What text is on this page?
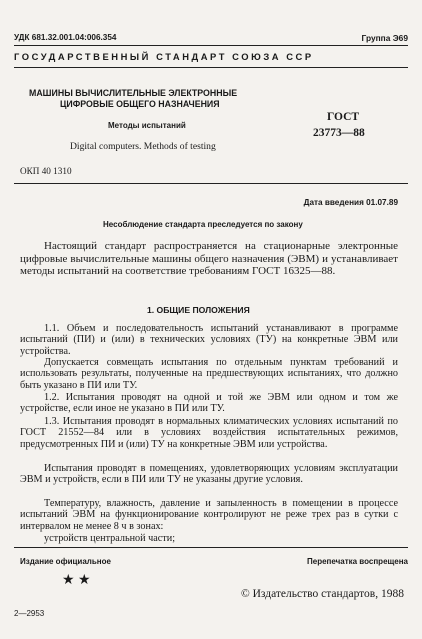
УДК 681.32.001.04:006.354	Группа Э69
ГОСУДАРСТВЕННЫЙ СТАНДАРТ СОЮЗА ССР
МАШИНЫ ВЫЧИСЛИТЕЛЬНЫЕ ЭЛЕКТРОННЫЕ
ЦИФРОВЫЕ ОБЩЕГО НАЗНАЧЕНИЯ
Методы испытаний
Digital computers. Methods of testing
ГОСТ
23773—88
ОКП 40 1310
Дата введения 01.07.89
Несоблюдение стандарта преследуется по закону

Настоящий стандарт распространяется на стационарные электронные цифровые вычислительные машины общего назначения (ЭВМ) и устанавливает методы испытаний на соответствие требованиям ГОСТ 16325—88.

1. ОБЩИЕ ПОЛОЖЕНИЯ

1.1. Объем и последовательность испытаний устанавливают в программе испытаний (ПИ) и (или) в технических условиях (ТУ) на конкретные ЭВМ или устройства.

Допускается совмещать испытания по отдельным пунктам требований и использовать результаты, полученные на предшествующих испытаниях, что должно быть указано в ПИ или ТУ.

1.2. Испытания проводят на одной и той же ЭВМ или одном и том же устройстве, если иное не указано в ПИ или ТУ.

1.3. Испытания проводят в нормальных климатических условиях испытаний по ГОСТ 21552—84 или в условиях воздействия испытательных режимов, предусмотренных ПИ и (или) ТУ на конкретные ЭВМ или устройства.

Испытания проводят в помещениях, удовлетворяющих условиям эксплуатации ЭВМ и устройств, если в ПИ или ТУ не указаны другие условия.

Температуру, влажность, давление и запыленность в помещении в процессе испытаний ЭВМ на функционирование контролируют не реже трех раз в сутки с интервалом не менее 8 ч в зонах:

устройств центральной части;

Издание официальное	Перепечатка воспрещена
★ ★
© Издательство стандартов, 1988
2—2953
